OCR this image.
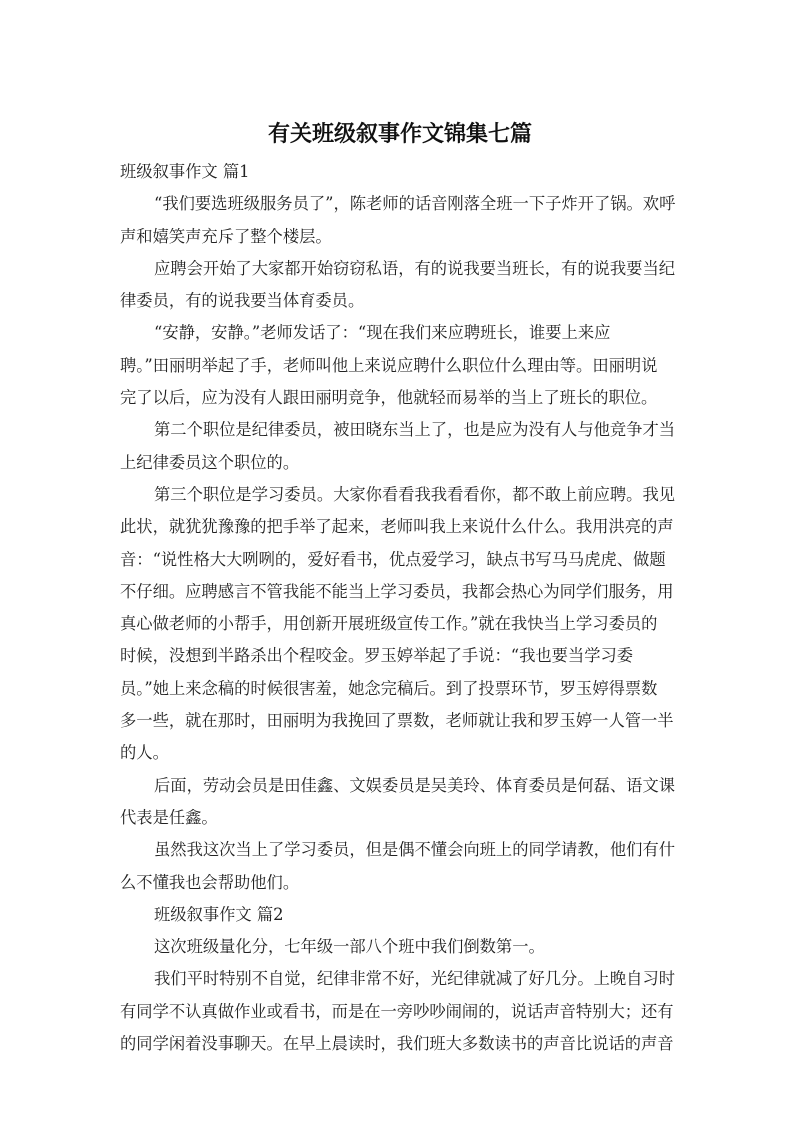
有关班级叙事作文锦集七篇
班级叙事作文 篇1
“我们要选班级服务员了”，陈老师的话音刚落全班一下子炸开了锅。欢呼
声和嬉笑声充斥了整个楼层。
应聘会开始了大家都开始窃窃私语，有的说我要当班长，有的说我要当纪
律委员，有的说我要当体育委员。
“安静，安静。”老师发话了：“现在我们来应聘班长，谁要上来应
聘。”田丽明举起了手，老师叫他上来说应聘什么职位什么理由等。田丽明说
完了以后，应为没有人跟田丽明竞争，他就轻而易举的当上了班长的职位。
第二个职位是纪律委员，被田晓东当上了，也是应为没有人与他竞争才当
上纪律委员这个职位的。
第三个职位是学习委员。大家你看看我我看看你，都不敢上前应聘。我见
此状，就犹犹豫豫的把手举了起来，老师叫我上来说什么什么。我用洪亮的声
音：“说性格大大咧咧的，爱好看书，优点爱学习，缺点书写马马虎虎、做题
不仔细。应聘感言不管我能不能当上学习委员，我都会热心为同学们服务，用
真心做老师的小帮手，用创新开展班级宣传工作。”就在我快当上学习委员的
时候，没想到半路杀出个程咬金。罗玉婷举起了手说：“我也要当学习委
员。”她上来念稿的时候很害羞，她念完稿后。到了投票环节，罗玉婷得票数
多一些，就在那时，田丽明为我挽回了票数，老师就让我和罗玉婷一人管一半
的人。
后面，劳动会员是田佳鑫、文娱委员是吴美玲、体育委员是何磊、语文课
代表是任鑫。
虽然我这次当上了学习委员，但是偶不懂会向班上的同学请教，他们有什
么不懂我也会帮助他们。
班级叙事作文 篇2
这次班级量化分，七年级一部八个班中我们倒数第一。
我们平时特别不自觉，纪律非常不好，光纪律就减了好几分。上晚自习时
有同学不认真做作业或看书，而是在一旁吵吵闹闹的，说话声音特别大；还有
的同学闲着没事聊天。在早上晨读时，我们班大多数读书的声音比说话的声音
